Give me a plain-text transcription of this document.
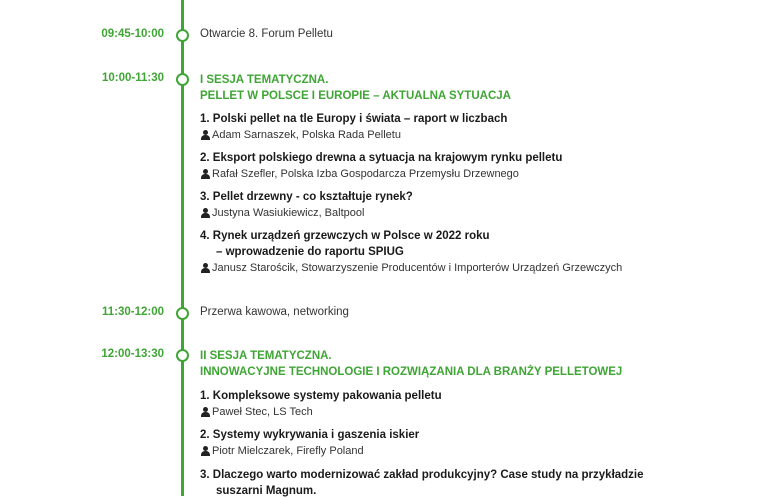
09:45-10:00	Otwarcie 8. Forum Pelletu
10:00-11:30	I SESJA TEMATYCZNA.
PELLET W POLSCE I EUROPIE – AKTUALNA SYTUACJA
1. Polski pellet na tle Europy i świata – raport w liczbach
Adam Sarnaszek, Polska Rada Pelletu
2. Eksport polskiego drewna a sytuacja na krajowym rynku pelletu
Rafał Szefler, Polska Izba Gospodarcza Przemysłu Drzewnego
3. Pellet drzewny - co kształtuje rynek?
Justyna Wasiukiewicz, Baltpool
4. Rynek urządzeń grzewczych w Polsce w 2022 roku
– wprowadzenie do raportu SPIUG
Janusz Starościk, Stowarzyszenie Producentów i Importerów Urządzeń Grzewczych
11:30-12:00	Przerwa kawowa, networking
12:00-13:30	II SESJA TEMATYCZNA.
INNOWACYJNE TECHNOLOGIE I ROZWIĄZANIA DLA BRANŻY PELLETOWEJ
1. Kompleksowe systemy pakowania pelletu
Paweł Stec, LS Tech
2. Systemy wykrywania i gaszenia iskier
Piotr Mielczarek, Firefly Poland
3. Dlaczego warto modernizować zakład produkcyjny? Case study na przykładzie
suszarni Magnum.
